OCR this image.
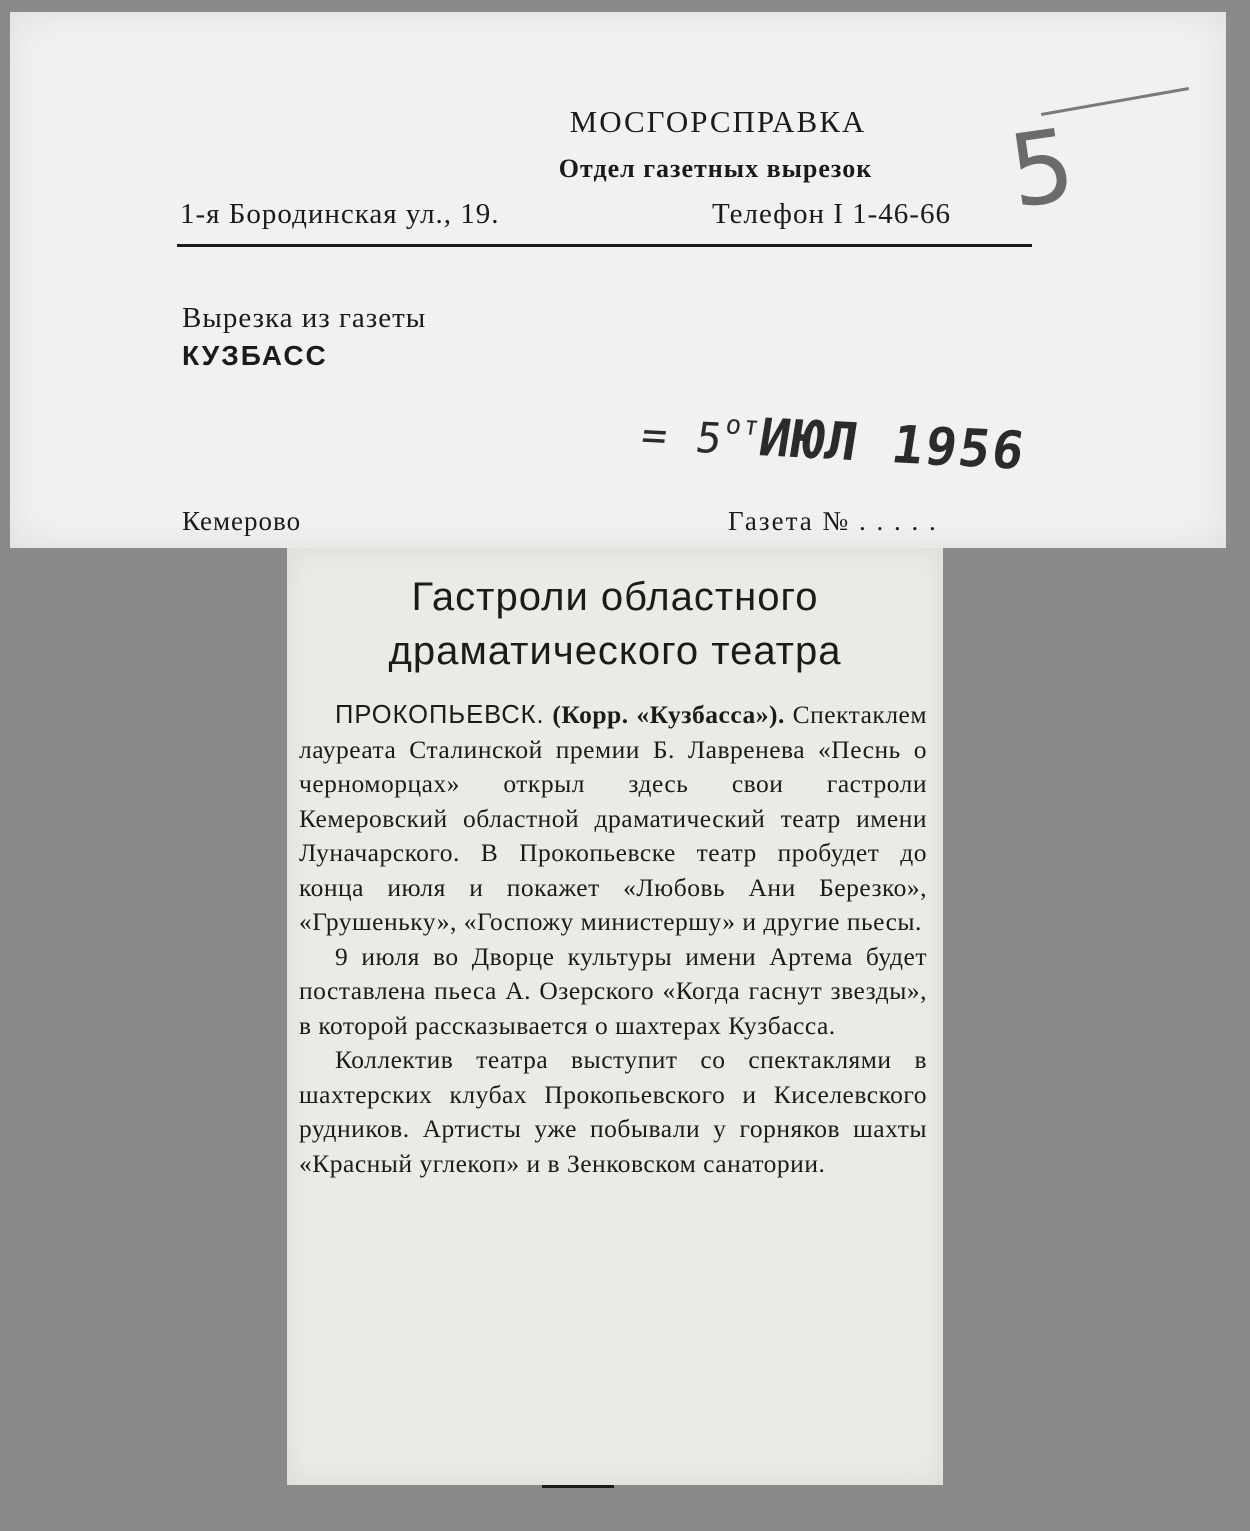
МОСГОРСПРАВКА
Отдел газетных вырезок
1-я Бородинская ул., 19.	Телефон I 1-46-66
Вырезка из газеты
КУЗБАСС
= $5^{от}ИЮЛ$ 1956
Кемерово	Газета № . . . . .
5
Гастроли областного
драматического театра

ПРОКОПЬЕВСК. (Корр. «Кузбасса»). Спектаклем лауреата Сталинской премии Б. Лавренева «Песнь о черноморцах» открыл здесь свои гастроли Кемеровский областной драматический театр имени Луначарского. В Прокопьевске театр пробудет до конца июля и покажет «Любовь Ани Березко», «Грушеньку», «Госпожу министершу» и другие пьесы.

9 июля во Дворце культуры имени Артема будет поставлена пьеса А. Озерского «Когда гаснут звезды», в которой рассказывается о шахтерах Кузбасса.

Коллектив театра выступит со спектаклями в шахтерских клубах Прокопьевского и Киселевского рудников. Артисты уже побывали у горняков шахты «Красный углекоп» и в Зенковском санатории.
